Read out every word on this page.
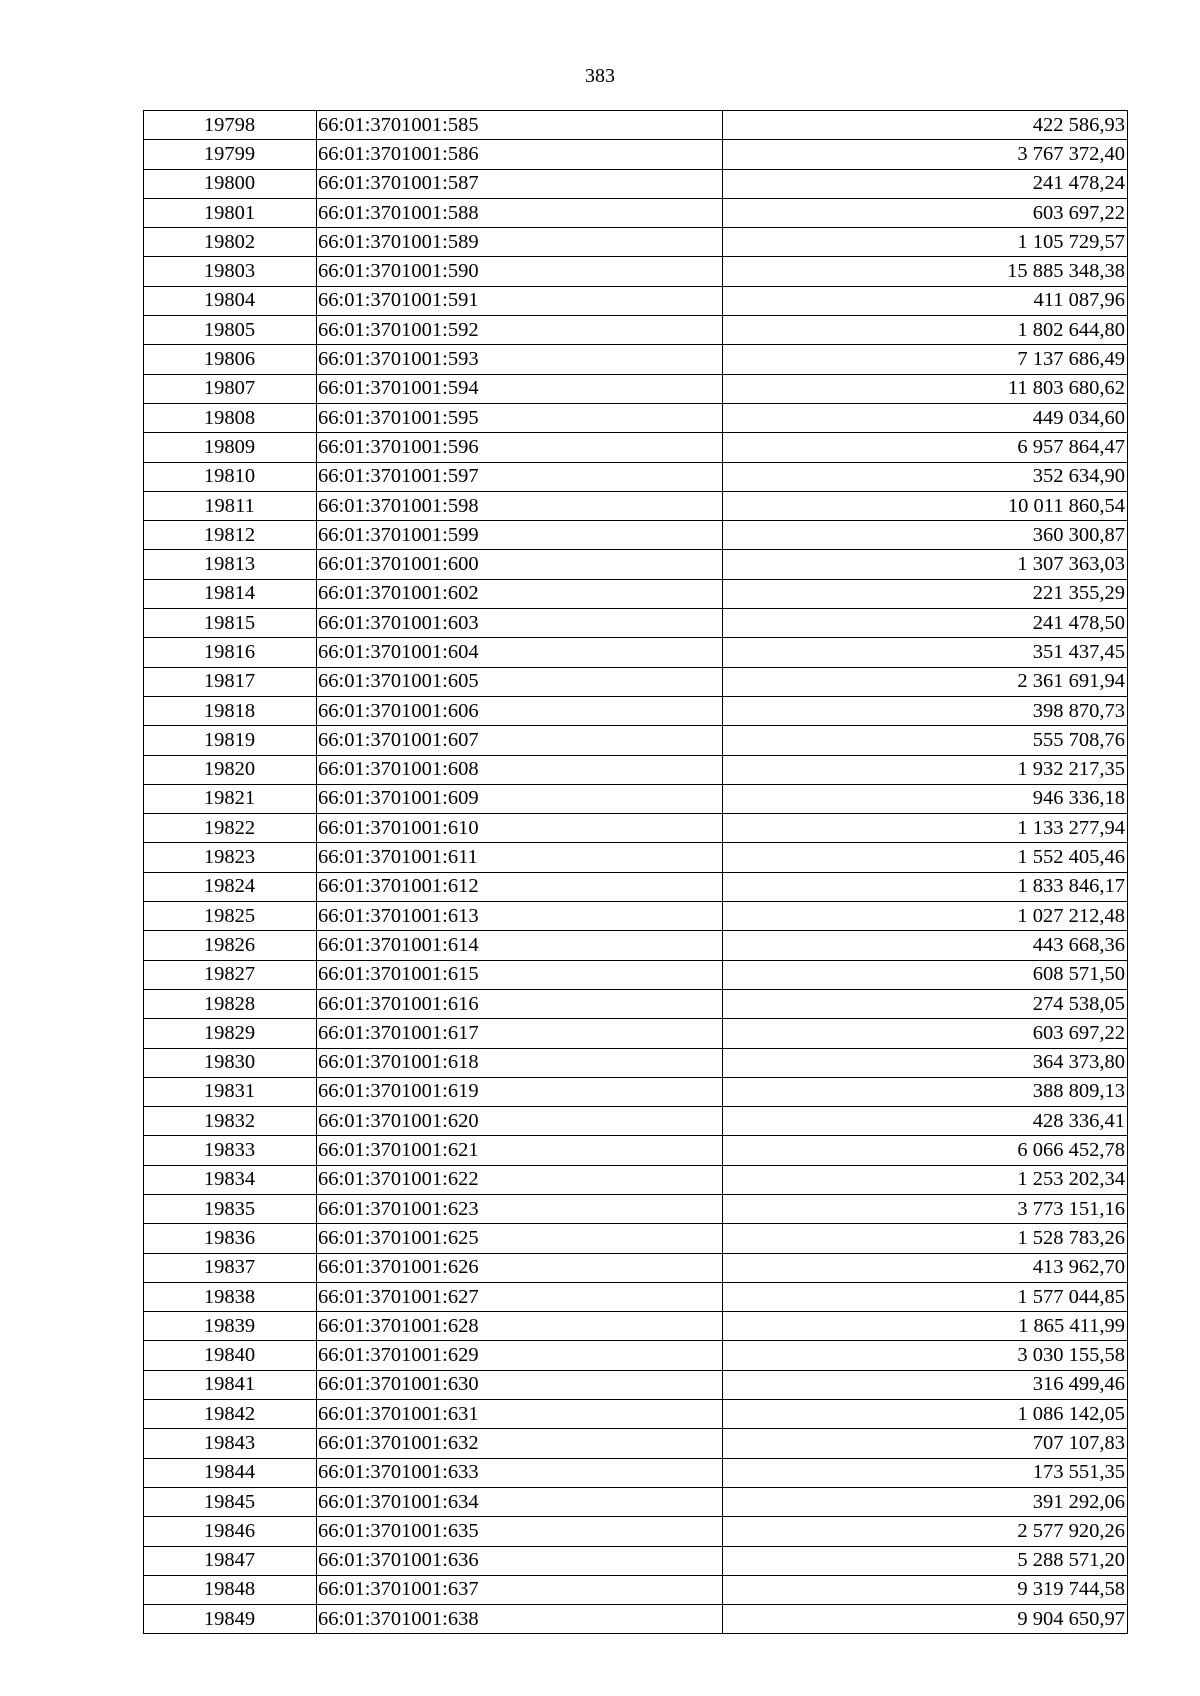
383
19798	66:01:3701001:585	422 586,93
19799	66:01:3701001:586	3 767 372,40
19800	66:01:3701001:587	241 478,24
19801	66:01:3701001:588	603 697,22
19802	66:01:3701001:589	1 105 729,57
19803	66:01:3701001:590	15 885 348,38
19804	66:01:3701001:591	411 087,96
19805	66:01:3701001:592	1 802 644,80
19806	66:01:3701001:593	7 137 686,49
19807	66:01:3701001:594	11 803 680,62
19808	66:01:3701001:595	449 034,60
19809	66:01:3701001:596	6 957 864,47
19810	66:01:3701001:597	352 634,90
19811	66:01:3701001:598	10 011 860,54
19812	66:01:3701001:599	360 300,87
19813	66:01:3701001:600	1 307 363,03
19814	66:01:3701001:602	221 355,29
19815	66:01:3701001:603	241 478,50
19816	66:01:3701001:604	351 437,45
19817	66:01:3701001:605	2 361 691,94
19818	66:01:3701001:606	398 870,73
19819	66:01:3701001:607	555 708,76
19820	66:01:3701001:608	1 932 217,35
19821	66:01:3701001:609	946 336,18
19822	66:01:3701001:610	1 133 277,94
19823	66:01:3701001:611	1 552 405,46
19824	66:01:3701001:612	1 833 846,17
19825	66:01:3701001:613	1 027 212,48
19826	66:01:3701001:614	443 668,36
19827	66:01:3701001:615	608 571,50
19828	66:01:3701001:616	274 538,05
19829	66:01:3701001:617	603 697,22
19830	66:01:3701001:618	364 373,80
19831	66:01:3701001:619	388 809,13
19832	66:01:3701001:620	428 336,41
19833	66:01:3701001:621	6 066 452,78
19834	66:01:3701001:622	1 253 202,34
19835	66:01:3701001:623	3 773 151,16
19836	66:01:3701001:625	1 528 783,26
19837	66:01:3701001:626	413 962,70
19838	66:01:3701001:627	1 577 044,85
19839	66:01:3701001:628	1 865 411,99
19840	66:01:3701001:629	3 030 155,58
19841	66:01:3701001:630	316 499,46
19842	66:01:3701001:631	1 086 142,05
19843	66:01:3701001:632	707 107,83
19844	66:01:3701001:633	173 551,35
19845	66:01:3701001:634	391 292,06
19846	66:01:3701001:635	2 577 920,26
19847	66:01:3701001:636	5 288 571,20
19848	66:01:3701001:637	9 319 744,58
19849	66:01:3701001:638	9 904 650,97
